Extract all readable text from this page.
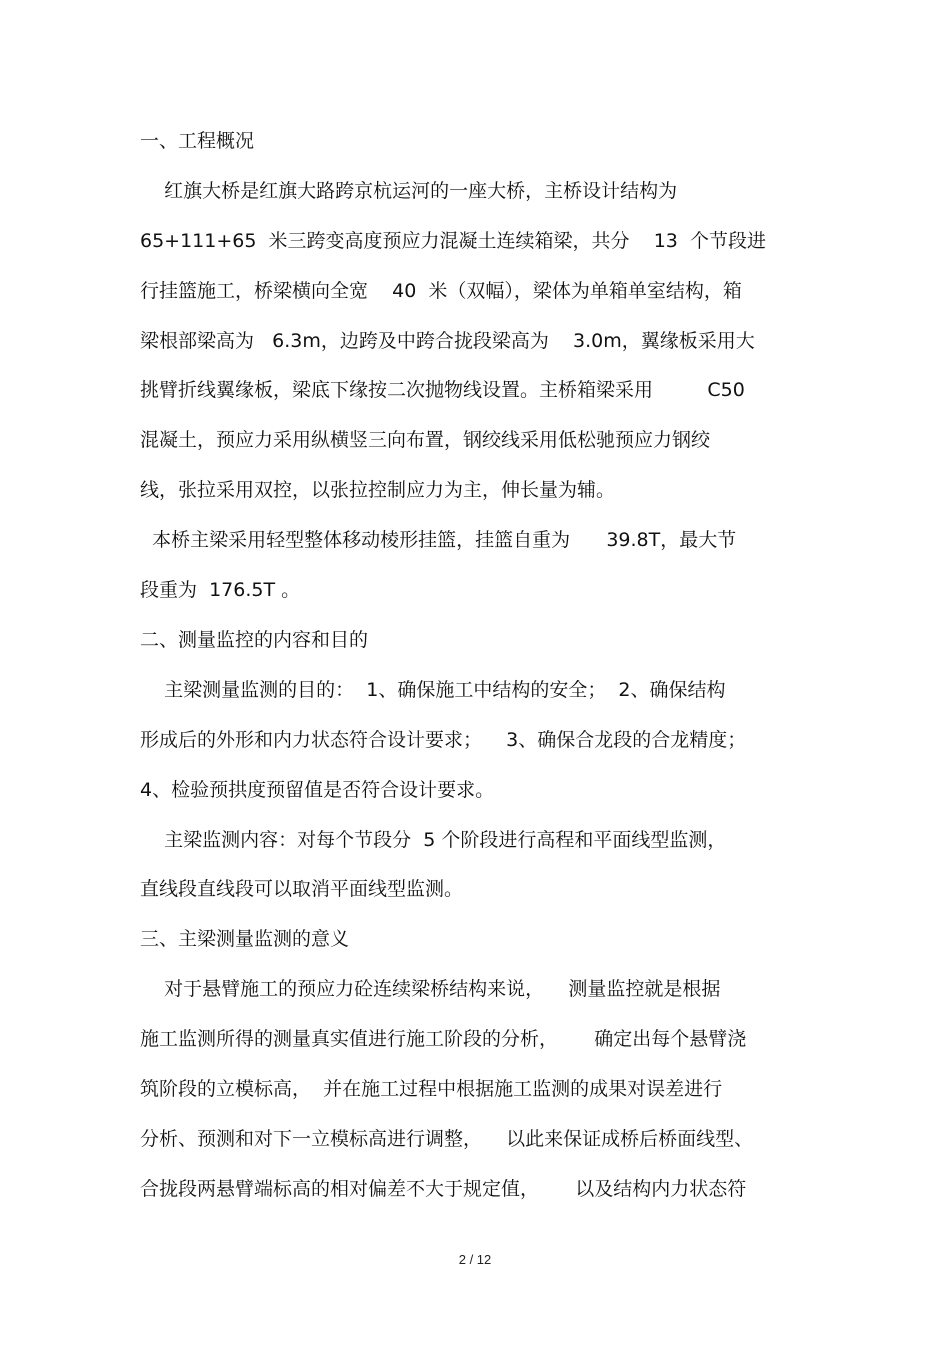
一、工程概况
红旗大桥是红旗大路跨京杭运河的一座大桥，主桥设计结构为
65+111+65  米三跨变高度预应力混凝土连续箱梁，共分    13  个节段进
行挂篮施工，桥梁横向全宽    40  米（双幅），梁体为单箱单室结构，箱
梁根部梁高为   6.3m，边跨及中跨合拢段梁高为    3.0m，翼缘板采用大
挑臂折线翼缘板，梁底下缘按二次抛物线设置。主桥箱梁采用         C50
混凝土，预应力采用纵横竖三向布置，钢绞线采用低松驰预应力钢绞
线，张拉采用双控，以张拉控制应力为主，伸长量为辅。
本桥主梁采用轻型整体移动棱形挂篮，挂篮自重为      39.8T，最大节
段重为  176.5T 。
二、测量监控的内容和目的
主梁测量监测的目的：  1、确保施工中结构的安全；  2、确保结构
形成后的外形和内力状态符合设计要求；    3、确保合龙段的合龙精度；
4、检验预拱度预留值是否符合设计要求。
主梁监测内容：对每个节段分  5 个阶段进行高程和平面线型监测，
直线段直线段可以取消平面线型监测。
三、主梁测量监测的意义
对于悬臂施工的预应力砼连续梁桥结构来说，    测量监控就是根据
施工监测所得的测量真实值进行施工阶段的分析，      确定出每个悬臂浇
筑阶段的立模标高，  并在施工过程中根据施工监测的成果对误差进行
分析、预测和对下一立模标高进行调整，    以此来保证成桥后桥面线型、
合拢段两悬臂端标高的相对偏差不大于规定值，      以及结构内力状态符
2 / 12
